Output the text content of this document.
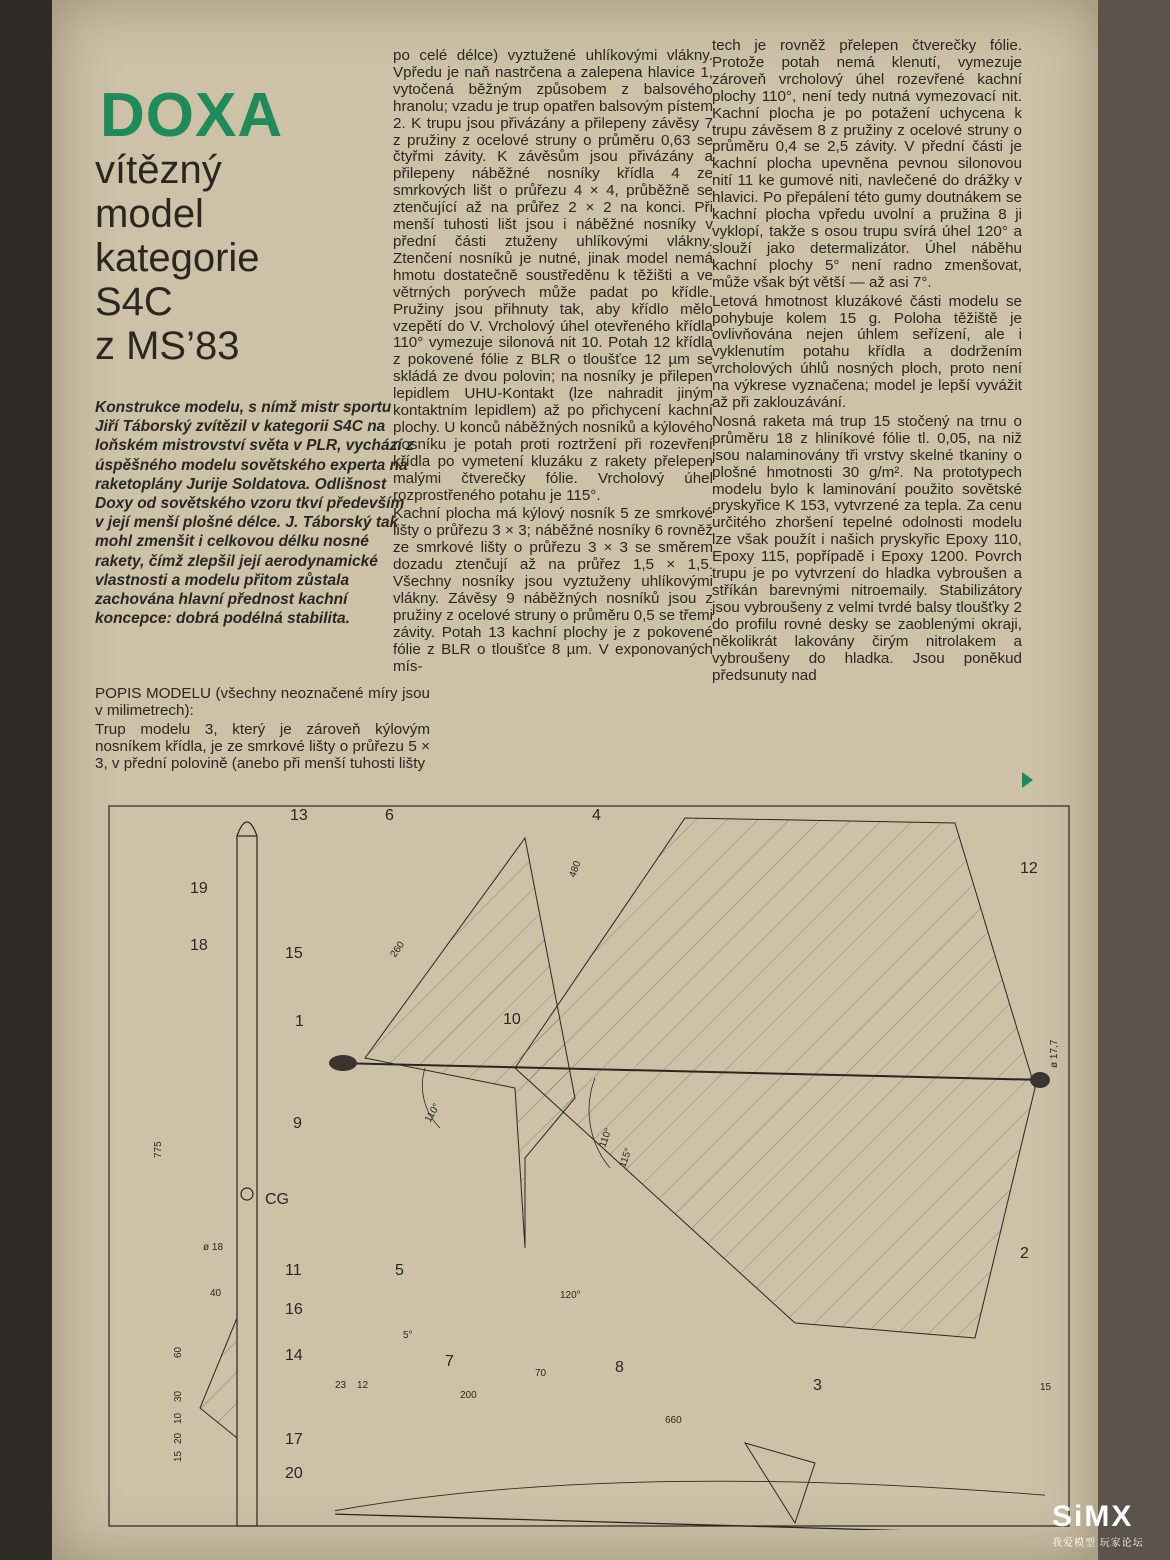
DOXA
vítězný
model
kategorie
S4C
z MS’83
Konstrukce modelu, s nímž mistr sportu Jiří Táborský zvítězil v kategorii S4C na loňském mistrovství světa v PLR, vychází z úspěšného modelu sovětského experta na raketoplány Jurije Soldatova. Odlišnost Doxy od sovětského vzoru tkví především v její menší plošné délce. J. Táborský tak mohl zmenšit i celkovou délku nosné rakety, čímž zlepšil její aerodynamické vlastnosti a modelu přitom zůstala zachována hlavní přednost kachní koncepce: dobrá podélná stabilita.

POPIS MODELU (všechny neoznačené míry jsou v milimetrech):

Trup modelu 3, který je zároveň kýlovým nosníkem křídla, je ze smrkové lišty o průřezu 5 × 3, v přední polovině (anebo při menší tuhosti lišty

po celé délce) vyztužené uhlíkovými vlákny. Vpředu je naň nastrčena a zalepena hlavice 1, vytočená běžným způsobem z balsového hranolu; vzadu je trup opatřen balsovým pístem 2. K trupu jsou přivázány a přilepeny závěsy 7 z pružiny z ocelové struny o průměru 0,63 se čtyřmi závity. K závěsům jsou přivázány a přilepeny náběžné nosníky křídla 4 ze smrkových lišt o průřezu 4 × 4, průběžně se ztenčující až na průřez 2 × 2 na konci. Při menší tuhosti lišt jsou i náběžné nosníky v přední části ztuženy uhlíkovými vlákny. Ztenčení nosníků je nutné, jinak model nemá hmotu dostatečně soustředěnu k těžišti a ve větrných porývech může padat po křídle. Pružiny jsou přihnuty tak, aby křídlo mělo vzepětí do V. Vrcholový úhel otevřeného křídla 110° vymezuje silonová nit 10. Potah 12 křídla z pokovené fólie z BLR o tloušťce 12 µm se skládá ze dvou polovin; na nosníky je přilepen lepidlem UHU-Kontakt (lze nahradit jiným kontaktním lepidlem) až po přichycení kachní plochy. U konců náběžných nosníků a kýlového nosníku je potah proti roztržení při rozevření křídla po vymetení kluzáku z rakety přelepen malými čtverečky fólie. Vrcholový úhel rozprostřeného potahu je 115°.

Kachní plocha má kýlový nosník 5 ze smrkové lišty o průřezu 3 × 3; náběžné nosníky 6 rovněž ze smrkové lišty o průřezu 3 × 3 se směrem dozadu ztenčují až na průřez 1,5 × 1,5. Všechny nosníky jsou vyztuženy uhlíkovými vlákny. Závěsy 9 náběžných nosníků jsou z pružiny z ocelové struny o průměru 0,5 se třemi závity. Potah 13 kachní plochy je z pokovené fólie z BLR o tloušťce 8 µm. V exponovaných mís-

tech je rovněž přelepen čtverečky fólie. Protože potah nemá klenutí, vymezuje zároveň vrcholový úhel rozevřené kachní plochy 110°, není tedy nutná vymezovací nit. Kachní plocha je po potažení uchycena k trupu závěsem 8 z pružiny z ocelové struny o průměru 0,4 se 2,5 závity. V přední části je kachní plocha upevněna pevnou silonovou nití 11 ke gumové niti, navlečené do drážky v hlavici. Po přepálení této gumy doutnákem se kachní plocha vpředu uvolní a pružina 8 ji vyklopí, takže s osou trupu svírá úhel 120° a slouží jako determalizátor. Úhel náběhu kachní plochy 5° není radno zmenšovat, může však být větší — až asi 7°.

Letová hmotnost kluzákové části modelu se pohybuje kolem 15 g. Poloha těžiště je ovlivňována nejen úhlem seřízení, ale i vyklenutím potahu křídla a dodržením vrcholových úhlů nosných ploch, proto není na výkrese vyznačena; model je lepší vyvážit až při zaklouzávání.

Nosná raketa má trup 15 stočený na trnu o průměru 18 z hliníkové fólie tl. 0,05, na niž jsou nalaminovány tři vrstvy skelné tkaniny o plošné hmotnosti 30 g/m². Na prototypech modelu bylo k laminování použito sovětské pryskyřice K 153, vytvrzené za tepla. Za cenu určitého zhoršení tepelné odolnosti modelu lze však použít i našich pryskyřic Epoxy 110, Epoxy 115, popřípadě i Epoxy 1200. Povrch trupu je po vytvrzení do hladka vybroušen a stříkán barevnými nitroemaily. Stabilizátory jsou vybroušeny z velmi tvrdé balsy tloušťky 2 do profilu rovné desky se zaoblenými okraji, několikrát lakovány čirým nitrolakem a vybroušeny do hladka. Jsou poněkud předsunuty nad

13	6	4
12
19
18	15
1	10
9
CG
11	5
16
14	7	8
2
3
17
20
260
480
110°
110°
115°
ø 17,7
775
ø 18
40
60
30
10
20
15
5°
120°
70
23 12
200
15
660
SiMX
我爱模型 玩家论坛
